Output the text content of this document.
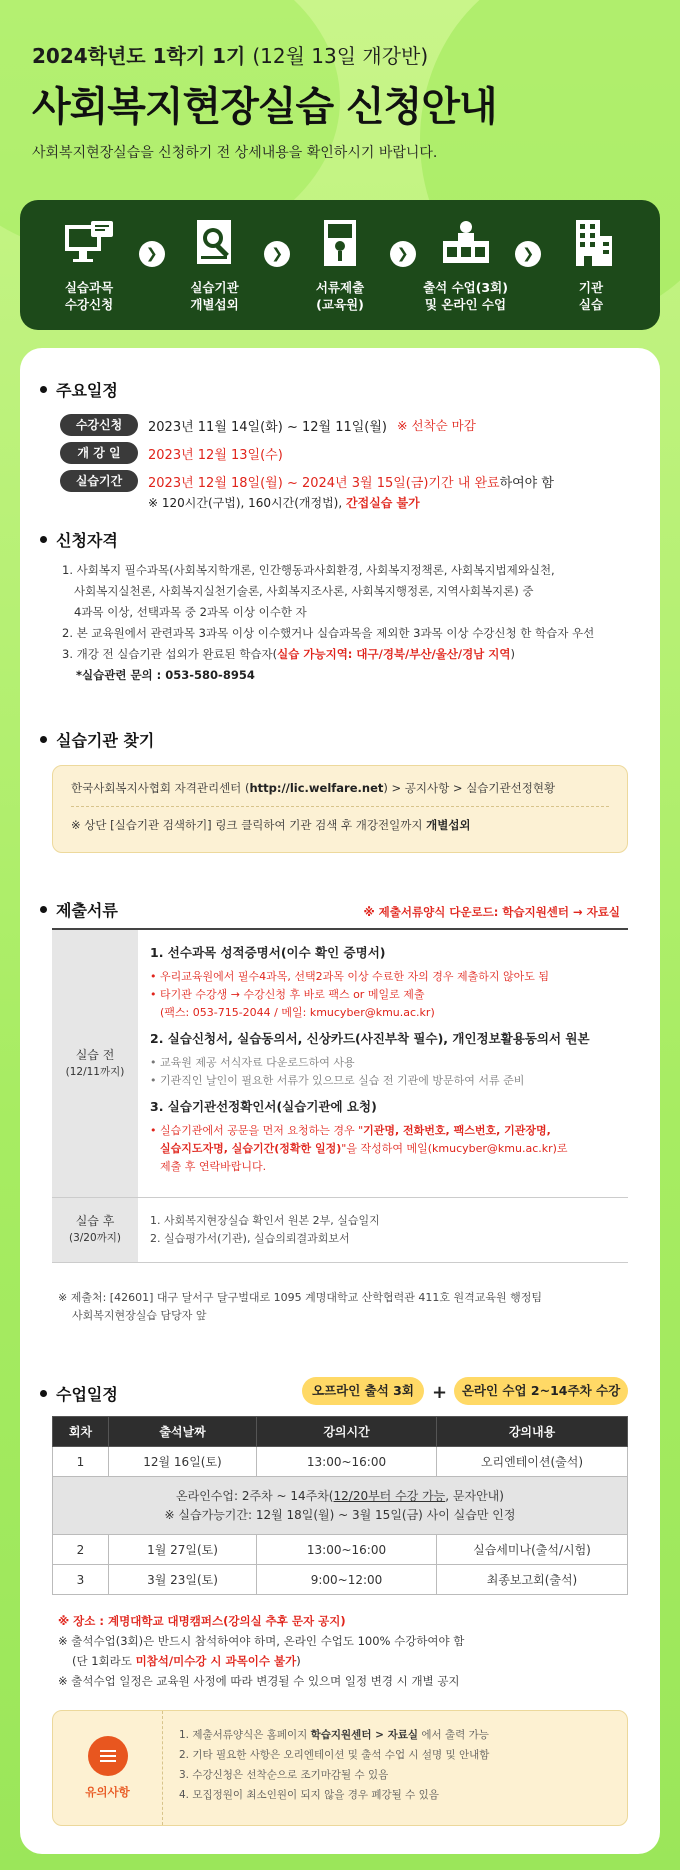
2024학년도 1학기 1기 (12월 13일 개강반)
사회복지현장실습 신청안내
사회복지현장실습을 신청하기 전 상세내용을 확인하시기 바랍니다.
실습과목
수강신청
❯
실습기관
개별섭외
❯
서류제출
(교육원)
❯
출석 수업(3회)
및 온라인 수업
❯
기관
실습
주요일정
수강신청	2023년 11월 14일(화) ~ 12월 11일(월) ※ 선착순 마감
개 강 일	2023년 12월 13일(수)
실습기간	2023년 12월 18일(월) ~ 2024년 3월 15일(금)기간 내 완료 하여야 함
※ 120시간(구법), 160시간(개정법),
간접실습 불가
신청자격
1. 사회복지 필수과목(사회복지학개론, 인간행동과사회환경, 사회복지정책론, 사회복지법제와실천,
사회복지실천론, 사회복지실천기술론, 사회복지조사론, 사회복지행정론, 지역사회복지론) 중
4과목 이상, 선택과목 중 2과목 이상 이수한 자
2. 본 교육원에서 관련과목 3과목 이상 이수했거나 실습과목을 제외한 3과목 이상 수강신청 한 학습자 우선
3. 개강 전 실습기관 섭외가 완료된 학습자(실습 가능지역: 대구/경북/부산/울산/경남 지역)
*실습관련 문의 : 053-580-8954
실습기관 찾기
한국사회복지사협회 자격관리센터 (http://lic.welfare.net) > 공지사항 > 실습기관선정현황
※ 상단 [실습기관 검색하기] 링크 클릭하여 기관 검색 후 개강전일까지 개별섭외
제출서류	※ 제출서류양식 다운로드: 학습지원센터 → 자료실
실습 전
(12/11까지)
1. 선수과목 성적증명서(이수 확인 증명서)
• 우리교육원에서 필수4과목, 선택2과목 이상 수료한 자의 경우 제출하지 않아도 됨
• 타기관 수강생 → 수강신청 후 바로 팩스 or 메일로 제출
(팩스: 053-715-2044 / 메일: kmucyber@kmu.ac.kr)
2. 실습신청서, 실습동의서, 신상카드(사진부착 필수), 개인정보활용동의서 원본
• 교육원 제공 서식자료 다운로드하여 사용
• 기관직인 날인이 필요한 서류가 있으므로 실습 전 기관에 방문하여 서류 준비
3. 실습기관선정확인서(실습기관에 요청)
• 실습기관에서 공문을 먼저 요청하는 경우 "기관명, 전화번호, 팩스번호, 기관장명,
실습지도자명, 실습기간(정확한 일정)"을 작성하여 메일(kmucyber@kmu.ac.kr)로
제출 후 연락바랍니다.
실습 후
(3/20까지)
1. 사회복지현장실습 확인서 원본 2부, 실습일지
2. 실습평가서(기관), 실습의뢰결과회보서
※ 제출처: [42601] 대구 달서구 달구벌대로 1095 계명대학교 산학협력관 411호 원격교육원 행정팀
사회복지현장실습 담당자 앞
수업일정	오프라인 출석 3회	+	온라인 수업 2~14주차 수강
회차	출석날짜	강의시간	강의내용
1	12월 16일(토)	13:00~16:00	오리엔테이션(출석)

온라인수업: 2주차 ~ 14주차(12/20부터 수강 가능, 문자안내)
※ 실습가능기간: 12월 18일(월) ~ 3월 15일(금) 사이 실습만 인정			

2	1월 27일(토)	13:00~16:00	실습세미나(출석/시험)
3	3월 23일(토)	9:00~12:00	최종보고회(출석)
※ 장소 : 계명대학교 대명캠퍼스(강의실 추후 문자 공지)
※ 출석수업(3회)은 반드시 참석하여야 하며, 온라인 수업도 100% 수강하여야 함
(단 1회라도 미참석/미수강 시 과목이수 불가)
※ 출석수업 일정은 교육원 사정에 따라 변경될 수 있으며 일정 변경 시 개별 공지
유의사항
1. 제출서류양식은 홈페이지 학습지원센터 > 자료실 에서 출력 가능
2. 기타 필요한 사항은 오리엔테이션 및 출석 수업 시 설명 및 안내함
3. 수강신청은 선착순으로 조기마감될 수 있음
4. 모집정원이 최소인원이 되지 않을 경우 폐강될 수 있음
